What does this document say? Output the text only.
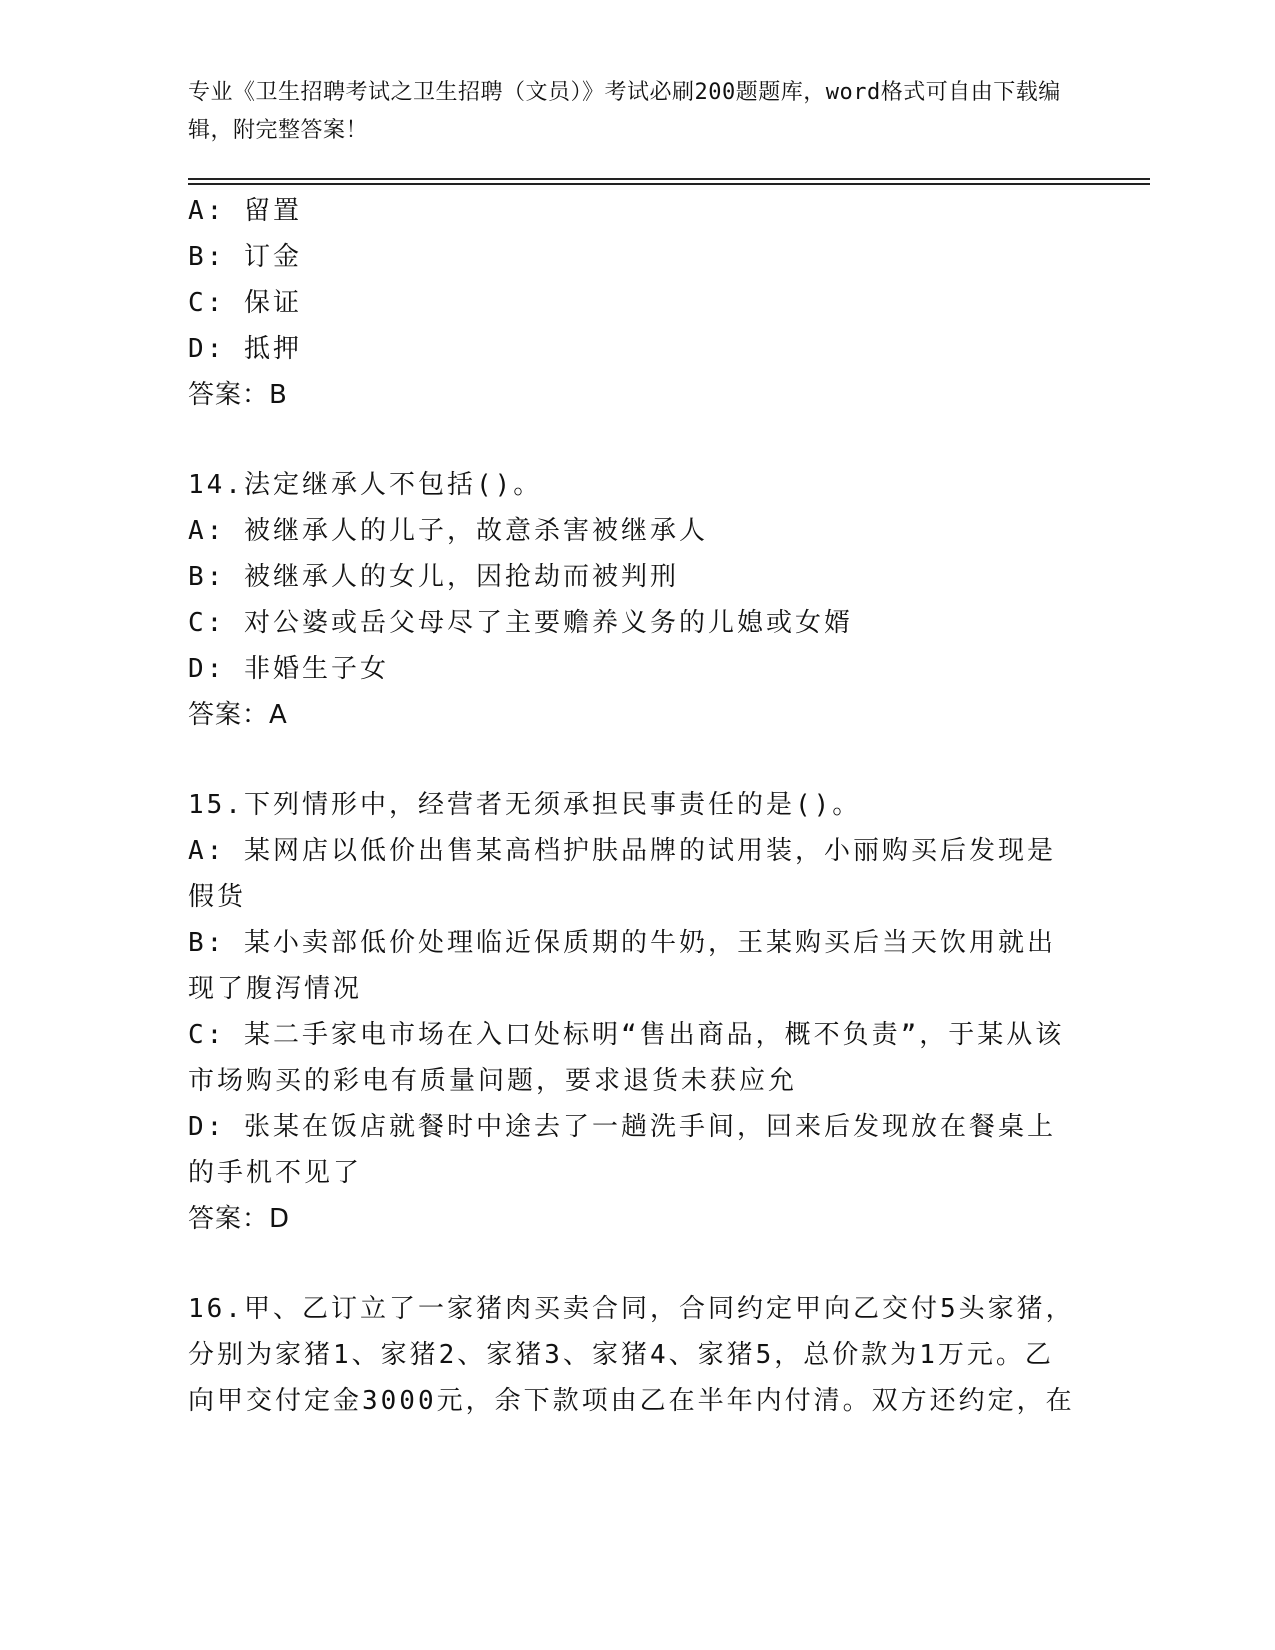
专业《卫生招聘考试之卫生招聘（文员）》考试必刷200题题库，word格式可自由下载编辑，附完整答案！
A: 留置
B: 订金
C: 保证
D: 抵押
答案：B
14.法定继承人不包括()。
A: 被继承人的儿子，故意杀害被继承人
B: 被继承人的女儿，因抢劫而被判刑
C: 对公婆或岳父母尽了主要赡养义务的儿媳或女婿
D: 非婚生子女
答案：A
15.下列情形中，经营者无须承担民事责任的是()。
A: 某网店以低价出售某高档护肤品牌的试用装，小丽购买后发现是假货
B: 某小卖部低价处理临近保质期的牛奶，王某购买后当天饮用就出现了腹泻情况
C: 某二手家电市场在入口处标明“售出商品，概不负责”，于某从该市场购买的彩电有质量问题，要求退货未获应允
D: 张某在饭店就餐时中途去了一趟洗手间，回来后发现放在餐桌上的手机不见了
答案：D
16.甲、乙订立了一家猪肉买卖合同，合同约定甲向乙交付5头家猪，分别为家猪1、家猪2、家猪3、家猪4、家猪5，总价款为1万元。乙向甲交付定金3000元，余下款项由乙在半年内付清。双方还约定，在
